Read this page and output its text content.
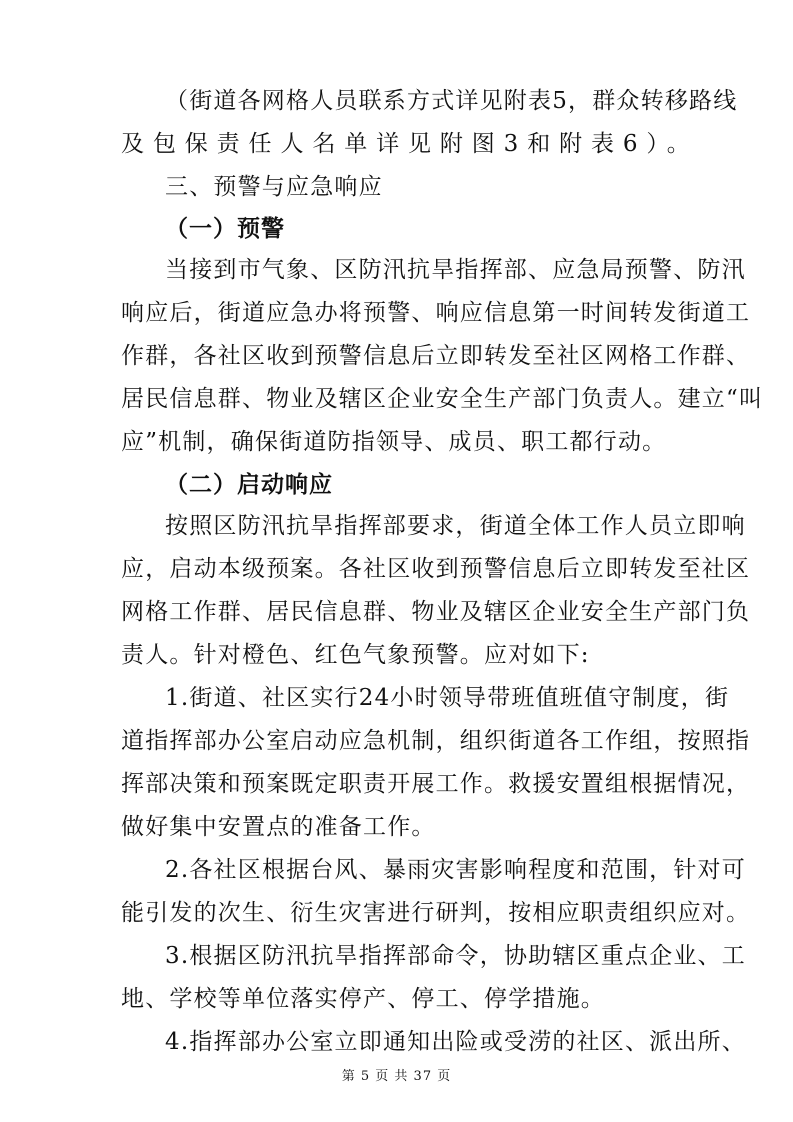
（街道各网格人员联系方式详见附表5，群众转移路线
及包保责任人名单详见附图3和附表6）。
三、预警与应急响应
（一）预警
当接到市气象、区防汛抗旱指挥部、应急局预警、防汛
响应后，街道应急办将预警、响应信息第一时间转发街道工
作群，各社区收到预警信息后立即转发至社区网格工作群、
居民信息群、物业及辖区企业安全生产部门负责人。建立“叫
应”机制，确保街道防指领导、成员、职工都行动。
（二）启动响应
按照区防汛抗旱指挥部要求，街道全体工作人员立即响
应，启动本级预案。各社区收到预警信息后立即转发至社区
网格工作群、居民信息群、物业及辖区企业安全生产部门负
责人。针对橙色、红色气象预警。应对如下:
1.街道、社区实行24小时领导带班值班值守制度，街
道指挥部办公室启动应急机制，组织街道各工作组，按照指
挥部决策和预案既定职责开展工作。救援安置组根据情况，
做好集中安置点的准备工作。
2.各社区根据台风、暴雨灾害影响程度和范围，针对可
能引发的次生、衍生灾害进行研判，按相应职责组织应对。
3.根据区防汛抗旱指挥部命令，协助辖区重点企业、工
地、学校等单位落实停产、停工、停学措施。
4.指挥部办公室立即通知出险或受涝的社区、派出所、
第 5 页 共 37 页
